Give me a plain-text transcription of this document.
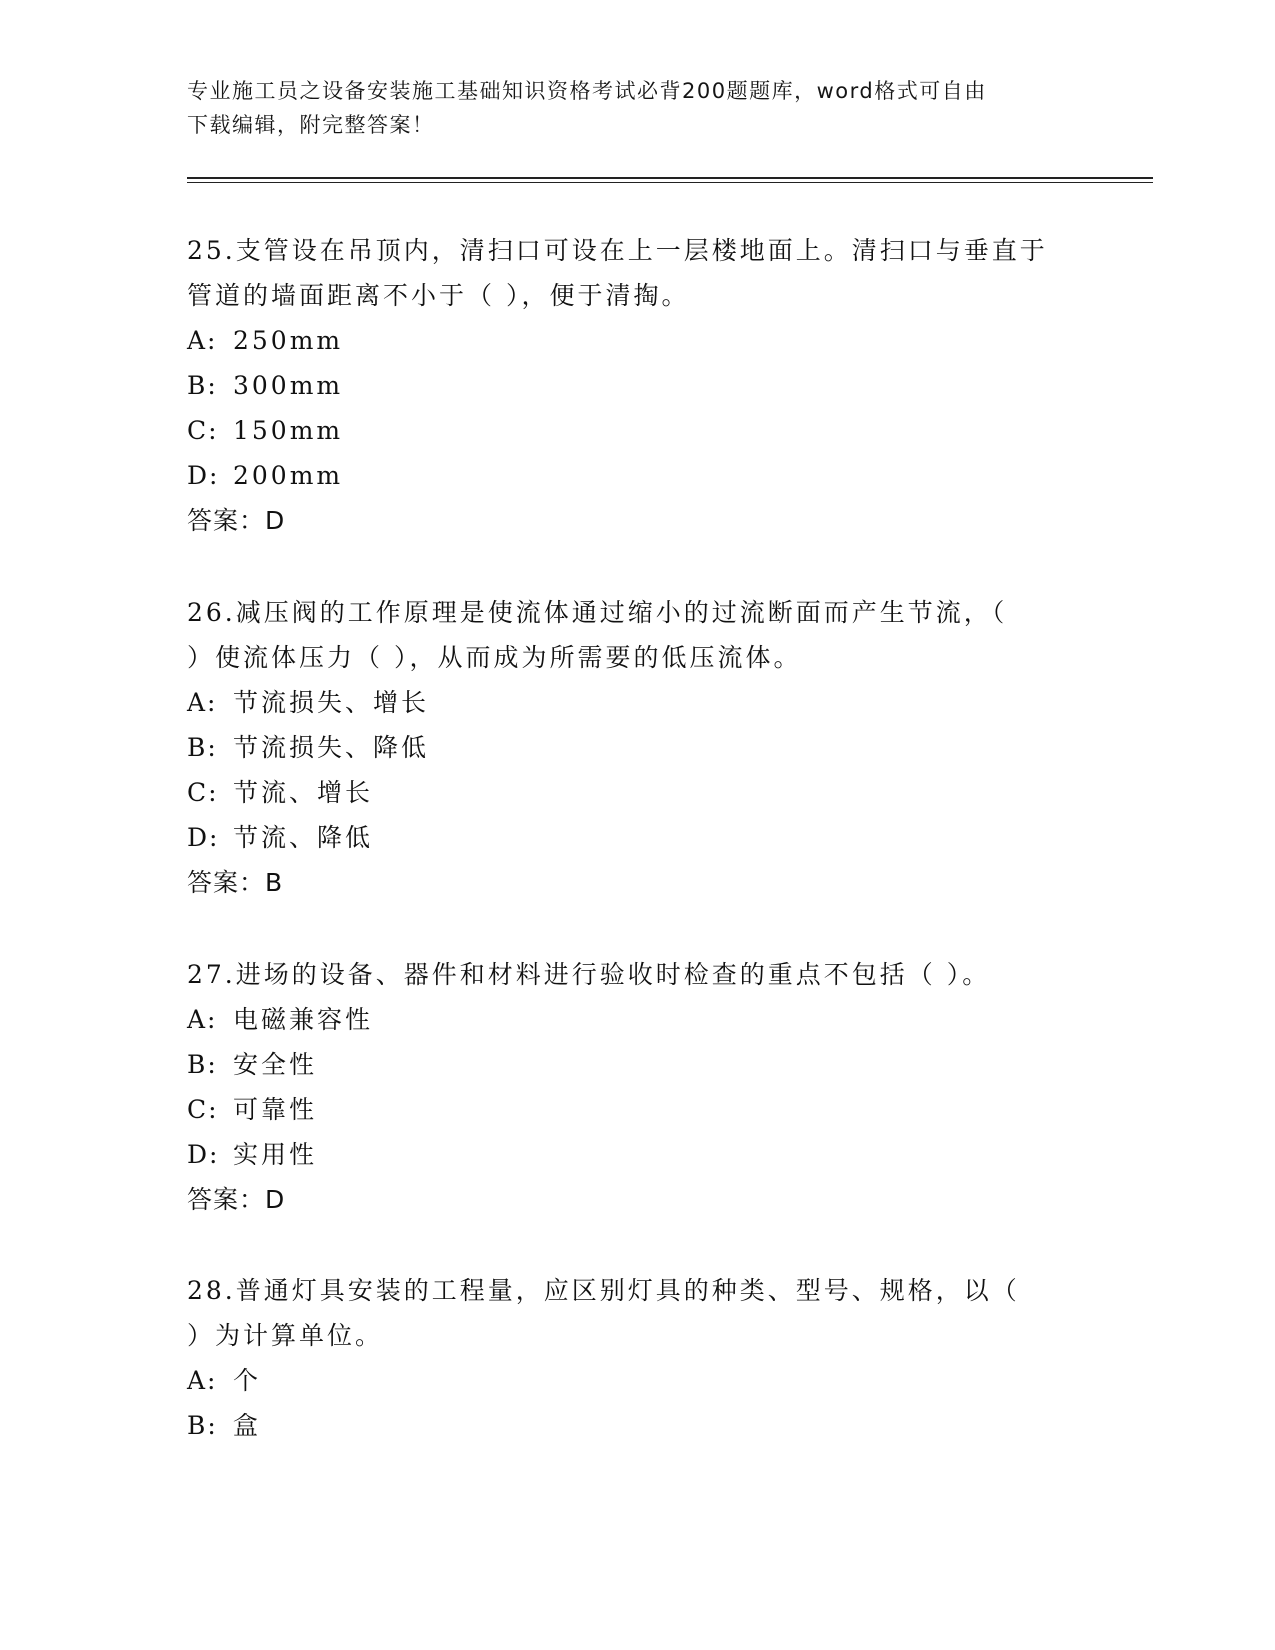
专业施工员之设备安装施工基础知识资格考试必背200题题库，word格式可自由
下载编辑，附完整答案！

25.支管设在吊顶内，清扫口可设在上一层楼地面上。清扫口与垂直于

管道的墙面距离不小于（ ），便于清掏。

A: 250mm

B: 300mm

C: 150mm

D: 200mm

答案：D

26.减压阀的工作原理是使流体通过缩小的过流断面而产生节流，（

）使流体压力（ ），从而成为所需要的低压流体。

A: 节流损失、增长

B: 节流损失、降低

C: 节流、增长

D: 节流、降低

答案：B

27.进场的设备、器件和材料进行验收时检查的重点不包括（ ）。

A: 电磁兼容性

B: 安全性

C: 可靠性

D: 实用性

答案：D

28.普通灯具安装的工程量，应区别灯具的种类、型号、规格，以（

）为计算单位。

A: 个

B: 盒
